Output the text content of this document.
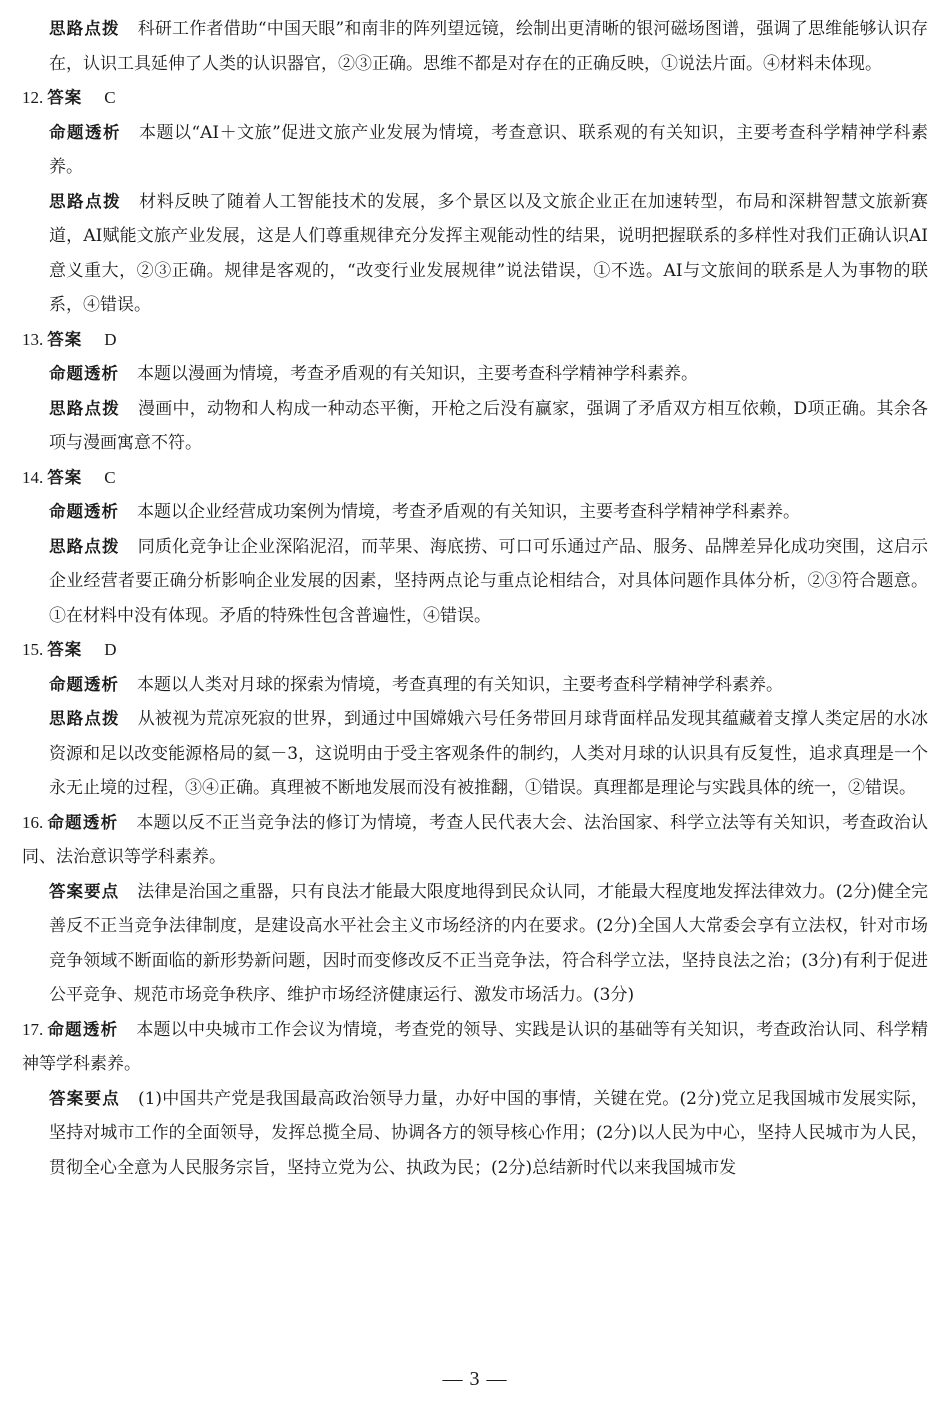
思路点拨 科研工作者借助“中国天眼”和南非的阵列望远镜，绘制出更清晰的银河磁场图谱，强调了思维能够认识存在，认识工具延伸了人类的认识器官，②③正确。思维不都是对存在的正确反映，①说法片面。④材料未体现。

12. 答案 C

命题透析 本题以“AI＋文旅”促进文旅产业发展为情境，考查意识、联系观的有关知识，主要考查科学精神学科素养。

思路点拨 材料反映了随着人工智能技术的发展，多个景区以及文旅企业正在加速转型，布局和深耕智慧文旅新赛道，AI赋能文旅产业发展，这是人们尊重规律充分发挥主观能动性的结果，说明把握联系的多样性对我们正确认识AI意义重大，②③正确。规律是客观的，“改变行业发展规律”说法错误，①不选。AI与文旅间的联系是人为事物的联系，④错误。

13. 答案 D

命题透析 本题以漫画为情境，考查矛盾观的有关知识，主要考查科学精神学科素养。

思路点拨 漫画中，动物和人构成一种动态平衡，开枪之后没有赢家，强调了矛盾双方相互依赖，D项正确。其余各项与漫画寓意不符。

14. 答案 C

命题透析 本题以企业经营成功案例为情境，考查矛盾观的有关知识，主要考查科学精神学科素养。

思路点拨 同质化竞争让企业深陷泥沼，而苹果、海底捞、可口可乐通过产品、服务、品牌差异化成功突围，这启示企业经营者要正确分析影响企业发展的因素，坚持两点论与重点论相结合，对具体问题作具体分析，②③符合题意。①在材料中没有体现。矛盾的特殊性包含普遍性，④错误。

15. 答案 D

命题透析 本题以人类对月球的探索为情境，考查真理的有关知识，主要考查科学精神学科素养。

思路点拨 从被视为荒凉死寂的世界，到通过中国嫦娥六号任务带回月球背面样品发现其蕴藏着支撑人类定居的水冰资源和足以改变能源格局的氦－3，这说明由于受主客观条件的制约，人类对月球的认识具有反复性，追求真理是一个永无止境的过程，③④正确。真理被不断地发展而没有被推翻，①错误。真理都是理论与实践具体的统一，②错误。

16. 命题透析 本题以反不正当竞争法的修订为情境，考查人民代表大会、法治国家、科学立法等有关知识，考查政治认同、法治意识等学科素养。

答案要点 法律是治国之重器，只有良法才能最大限度地得到民众认同，才能最大程度地发挥法律效力。(2分)健全完善反不正当竞争法律制度，是建设高水平社会主义市场经济的内在要求。(2分)全国人大常委会享有立法权，针对市场竞争领域不断面临的新形势新问题，因时而变修改反不正当竞争法，符合科学立法，坚持良法之治；(3分)有利于促进公平竞争、规范市场竞争秩序、维护市场经济健康运行、激发市场活力。(3分)

17. 命题透析 本题以中央城市工作会议为情境，考查党的领导、实践是认识的基础等有关知识，考查政治认同、科学精神等学科素养。

答案要点 (1)中国共产党是我国最高政治领导力量，办好中国的事情，关键在党。(2分)党立足我国城市发展实际，坚持对城市工作的全面领导，发挥总揽全局、协调各方的领导核心作用；(2分)以人民为中心，坚持人民城市为人民，贯彻全心全意为人民服务宗旨，坚持立党为公、执政为民；(2分)总结新时代以来我国城市发

— 3 —
